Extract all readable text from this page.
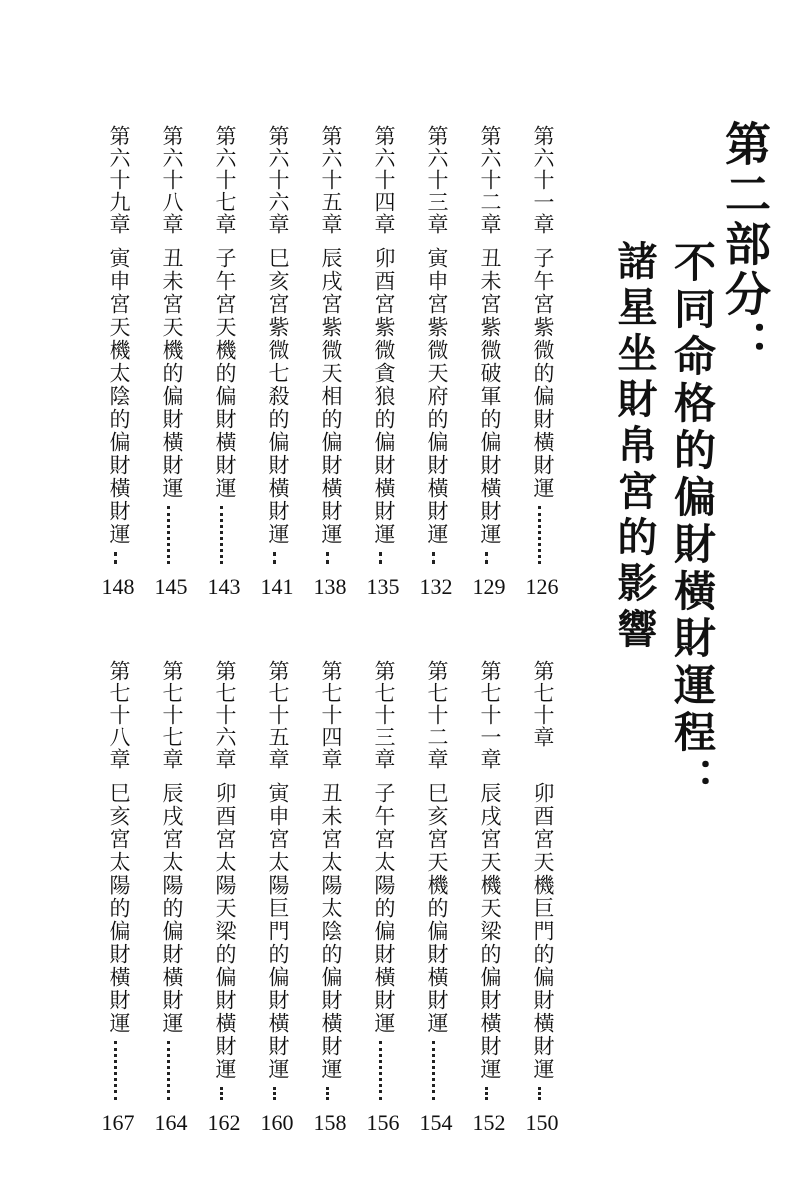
第二部分：
不同命格的偏財橫財運程：
諸星坐財帛宮的影響
第六十一章
子午宮紫微的偏財橫財運
126
第六十二章
丑未宮紫微破軍的偏財橫財運
129
第六十三章
寅申宮紫微天府的偏財橫財運
132
第六十四章
卯酉宮紫微貪狼的偏財橫財運
135
第六十五章
辰戌宮紫微天相的偏財橫財運
138
第六十六章
巳亥宮紫微七殺的偏財橫財運
141
第六十七章
子午宮天機的偏財橫財運
143
第六十八章
丑未宮天機的偏財橫財運
145
第六十九章
寅申宮天機太陰的偏財橫財運
148
第七十章
卯酉宮天機巨門的偏財橫財運
150
第七十一章
辰戌宮天機天梁的偏財橫財運
152
第七十二章
巳亥宮天機的偏財橫財運
154
第七十三章
子午宮太陽的偏財橫財運
156
第七十四章
丑未宮太陽太陰的偏財橫財運
158
第七十五章
寅申宮太陽巨門的偏財橫財運
160
第七十六章
卯酉宮太陽天梁的偏財橫財運
162
第七十七章
辰戌宮太陽的偏財橫財運
164
第七十八章
巳亥宮太陽的偏財橫財運
167
